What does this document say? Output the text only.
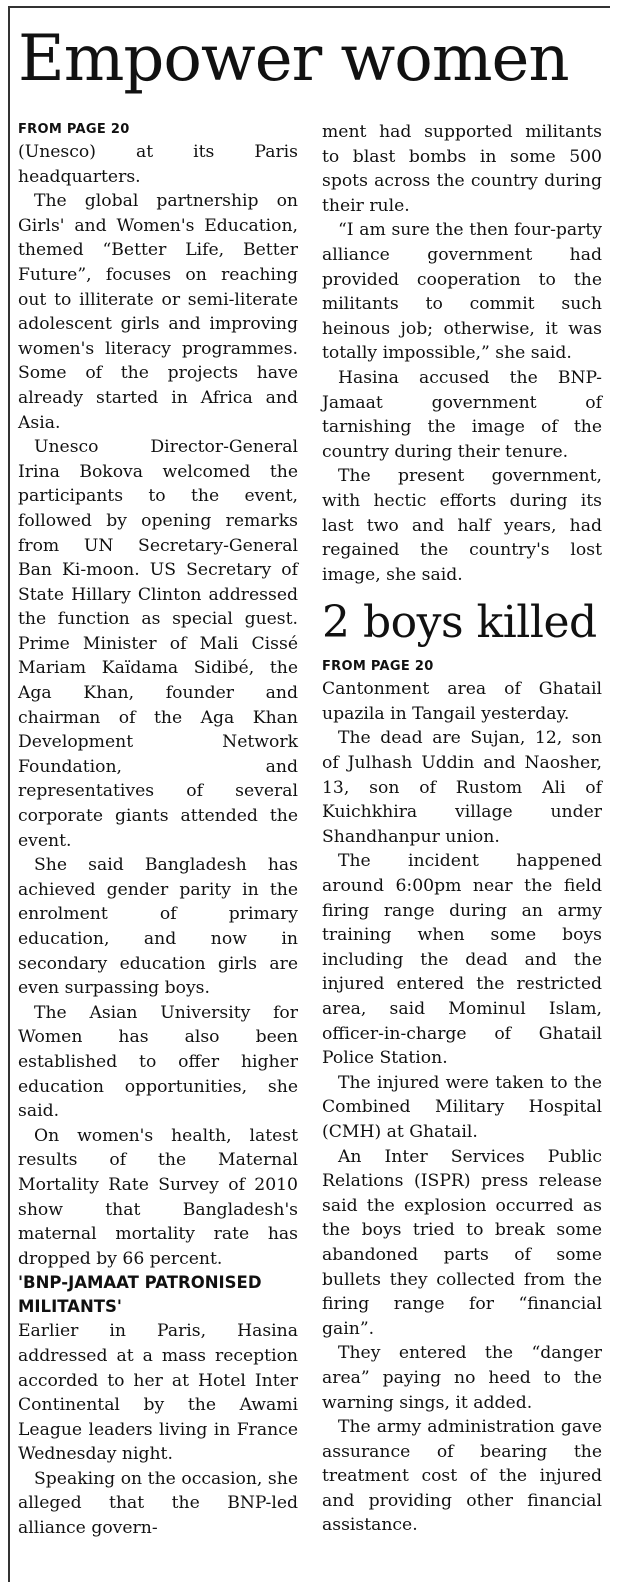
Empower women

FROM PAGE 20

(Unesco) at its Paris headquarters.

The global partnership on Girls' and Women's Education, themed “Better Life, Better Future”, focuses on reaching out to illiterate or semi-literate adolescent girls and improving women's literacy programmes. Some of the projects have already started in Africa and Asia.

Unesco Director-General Irina Bokova welcomed the participants to the event, followed by opening remarks from UN Secretary-General Ban Ki-moon. US Secretary of State Hillary Clinton addressed the function as special guest. Prime Minister of Mali Cissé Mariam Kaïdama Sidibé, the Aga Khan, founder and chairman of the Aga Khan Development Network Foundation, and representatives of several corporate giants attended the event.

She said Bangladesh has achieved gender parity in the enrolment of primary education, and now in secondary education girls are even surpassing boys.

The Asian University for Women has also been established to offer higher education opportunities, she said.

On women's health, latest results of the Maternal Mortality Rate Survey of 2010 show that Bangladesh's maternal mortality rate has dropped by 66 percent.

'BNP-JAMAAT PATRONISED MILITANTS'

Earlier in Paris, Hasina addressed at a mass reception accorded to her at Hotel Inter Continental by the Awami League leaders living in France Wednesday night.

Speaking on the occasion, she alleged that the BNP-led alliance govern-

ment had supported militants to blast bombs in some 500 spots across the country during their rule.

“I am sure the then four-party alliance government had provided cooperation to the militants to commit such heinous job; otherwise, it was totally impossible,” she said.

Hasina accused the BNP-Jamaat government of tarnishing the image of the country during their tenure.

The present government, with hectic efforts during its last two and half years, had regained the country's lost image, she said.

2 boys killed

FROM PAGE 20

Cantonment area of Ghatail upazila in Tangail yesterday.

The dead are Sujan, 12, son of Julhash Uddin and Naosher, 13, son of Rustom Ali of Kuichkhira village under Shandhanpur union.

The incident happened around 6:00pm near the field firing range during an army training when some boys including the dead and the injured entered the restricted area, said Mominul Islam, officer-in-charge of Ghatail Police Station.

The injured were taken to the Combined Military Hospital (CMH) at Ghatail.

An Inter Services Public Relations (ISPR) press release said the explosion occurred as the boys tried to break some abandoned parts of some bullets they collected from the firing range for “financial gain”.

They entered the “danger area” paying no heed to the warning sings, it added.

The army administration gave assurance of bearing the treatment cost of the injured and providing other financial assistance.
